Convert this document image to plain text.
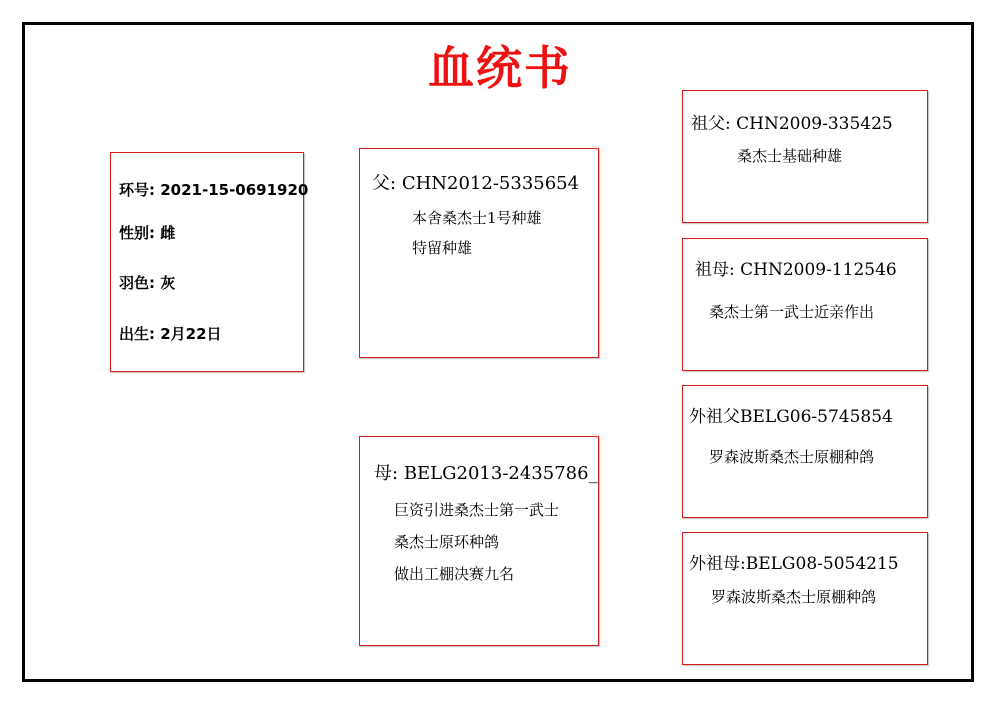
血统书
环号: 2021-15-0691920
性别: 雌
羽色: 灰
出生: 2月22日
父: CHN2012-5335654
本舍桑杰士1号种雄
特留种雄
母: BELG2013-2435786_
巨资引进桑杰士第一武士
桑杰士原环种鸽
做出工棚决赛九名
祖父: CHN2009-335425
桑杰士基础种雄
祖母: CHN2009-112546
桑杰士第一武士近亲作出
外祖父BELG06-5745854
罗森波斯桑杰士原棚种鸽
外祖母:BELG08-5054215
罗森波斯桑杰士原棚种鸽
